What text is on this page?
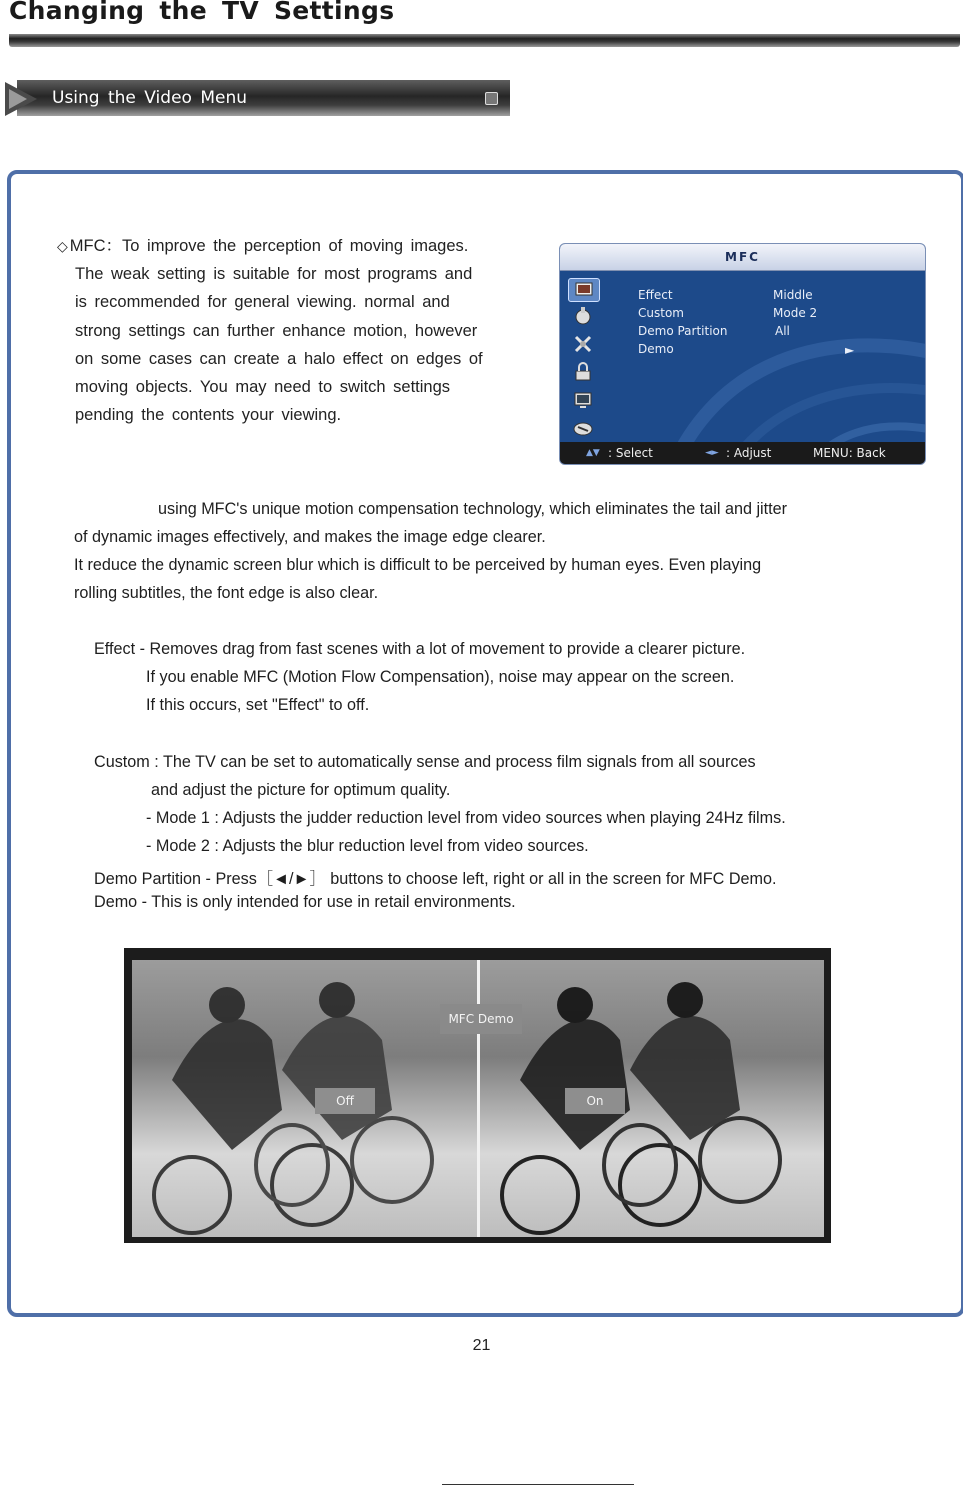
Changing the TV Settings
Using the Video Menu
◇ MFC：To improve the perception of moving images.
The weak setting is suitable for most programs and
is recommended for general viewing. normal and
strong settings can further enhance motion, however
on some cases can create a halo effect on edges of
moving objects. You may need to switch settings
pending the contents your viewing.
MFC
Effect	Middle
Custom	Mode 2
Demo Partition	All
Demo	►
▲▼ : Select	◄► : Adjust	MENU: Back
using MFC's unique motion compensation technology, which eliminates the tail and jitter
of dynamic images effectively, and makes the image edge clearer.
It reduce the dynamic screen blur which is difficult to be perceived by human eyes. Even playing
rolling subtitles, the font edge is also clear.
Effect - Removes drag from fast scenes with a lot of movement to provide a clearer picture.
If you enable MFC (Motion Flow Compensation), noise may appear on the screen.
If this occurs, set "Effect" to off.
Custom : The TV can be set to automatically sense and process film signals from all sources
and adjust the picture for optimum quality.
- Mode 1 : Adjusts the judder reduction level from video sources when playing 24Hz films.
- Mode 2 : Adjusts the blur reduction level from video sources.
Demo Partition - Press［◄/►］ buttons to choose left, right or all in the screen for MFC Demo.
Demo - This is only intended for use in retail environments.
MFC Demo
Off	On
21
